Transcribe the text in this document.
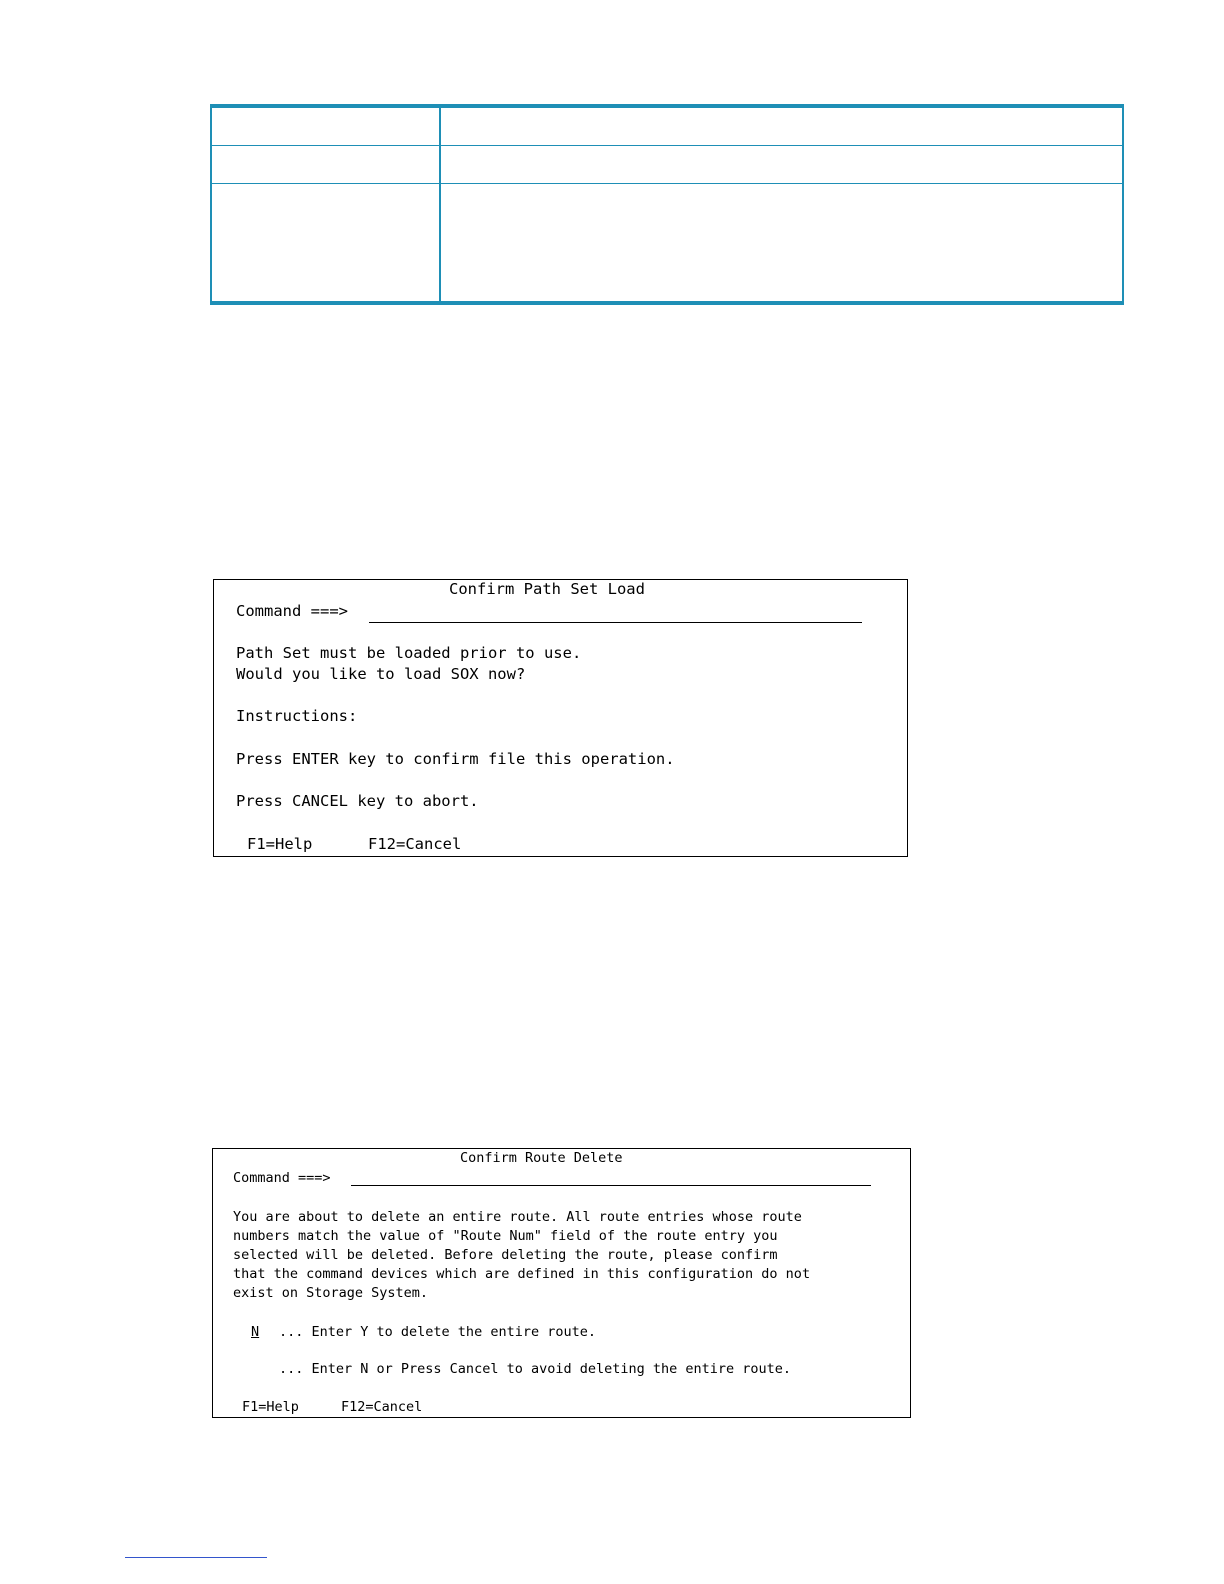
Confirm Path Set Load
Command ===>
Path Set must be loaded prior to use.
Would you like to load SOX now?
Instructions:
Press ENTER key to confirm file this operation.
Press CANCEL key to abort.
F1=Help	F12=Cancel
Confirm Route Delete
Command ===>
You are about to delete an entire route. All route entries whose route
numbers match the value of "Route Num" field of the route entry you
selected will be deleted. Before deleting the route, please confirm
that the command devices which are defined in this configuration do not
exist on Storage System.
N ... Enter Y to delete the entire route.
... Enter N or Press Cancel to avoid deleting the entire route.
F1=Help	F12=Cancel
